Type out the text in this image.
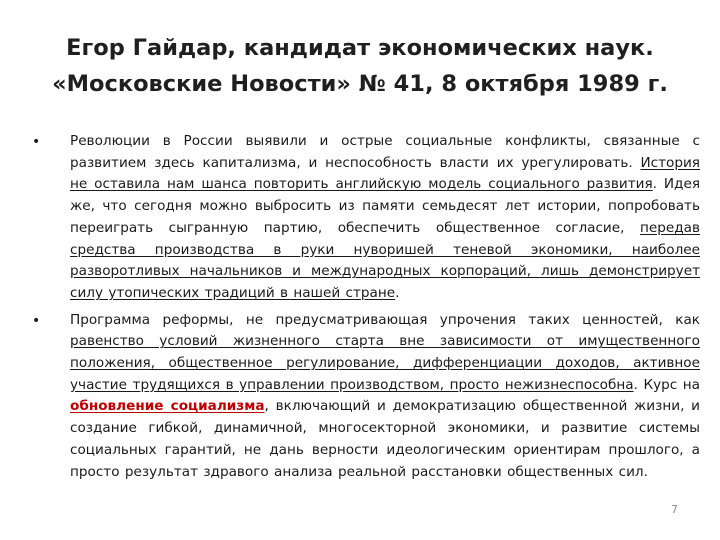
Егор Гайдар, кандидат экономических наук.
«Московские Новости» № 41, 8 октября 1989 г.
• Революции в России выявили и острые социальные конфликты, связанные с развитием здесь капитализма, и неспособность власти их урегулировать. История не оставила нам шанса повторить английскую модель социального развития. Идея же, что сегодня можно выбросить из памяти семьдесят лет истории, попробовать переиграть сыгранную партию, обеспечить общественное согласие, передав средства производства в руки нуворишей теневой экономики, наиболее разворотливых начальников и международных корпораций, лишь демонстрирует силу утопических традиций в нашей стране.

• Программа реформы, не предусматривающая упрочения таких ценностей, как равенство условий жизненного старта вне зависимости от имущественного положения, общественное регулирование, дифференциации доходов, активное участие трудящихся в управлении производством, просто нежизнеспособна. Курс на обновление социализма, включающий и демократизацию общественной жизни, и создание гибкой, динамичной, многосекторной экономики, и развитие системы социальных гарантий, не дань верности идеологическим ориентирам прошлого, а просто результат здравого анализа реальной расстановки общественных сил.

7
